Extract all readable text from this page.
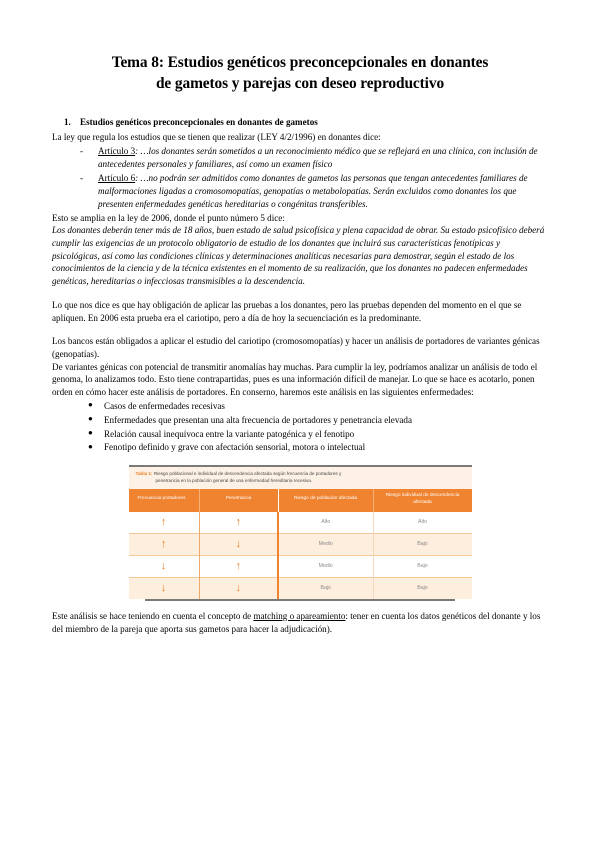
Tema 8: Estudios genéticos preconcepcionales en donantes
de gametos y parejas con deseo reproductivo
1. Estudios genéticos preconcepcionales en donantes de gametos

La ley que regula los estudios que se tienen que realizar (LEY 4/2/1996) en donantes dice:

- Artículo 3: …los donantes serán sometidos a un reconocimiento médico que se reflejará en una clínica, con inclusión de antecedentes personales y familiares, así como un examen físico
- Artículo 6: …no podrán ser admitidos como donantes de gametos las personas que tengan antecedentes familiares de malformaciones ligadas a cromosomopatías, genopatías o metabolopatías. Serán excluidos como donantes los que presenten enfermedades genéticas hereditarias o congénitas transferibles.

Esto se amplia en la ley de 2006, donde el punto número 5 dice:

Los donantes deberán tener más de 18 años, buen estado de salud psicofísica y plena capacidad de obrar. Su estado psicofísico deberá cumplir las exigencias de un protocolo obligatorio de estudio de los donantes que incluirá sus características fenotípicas y psicológicas, así como las condiciones clínicas y determinaciones analíticas necesarias para demostrar, según el estado de los conocimientos de la ciencia y de la técnica existentes en el momento de su realización, que los donantes no padecen enfermedades genéticas, hereditarias o infecciosas transmisibles a la descendencia.

Lo que nos dice es que hay obligación de aplicar las pruebas a los donantes, pero las pruebas dependen del momento en el que se apliquen. En 2006 esta prueba era el cariotipo, pero a día de hoy la secuenciación es la predominante.

Los bancos están obligados a aplicar el estudio del cariotipo (cromosomopatías) y hacer un análisis de portadores de variantes génicas (genopatías).

De variantes génicas con potencial de transmitir anomalías hay muchas. Para cumplir la ley, podríamos analizar un análisis de todo el genoma, lo analizamos todo. Esto tiene contrapartidas, pues es una información difícil de manejar. Lo que se hace es acotarlo, ponen orden en cómo hacer este análisis de portadores. En conserno, haremos este análisis en las siguientes enfermedades:

● Casos de enfermedades recesivas
● Enfermedades que presentan una alta frecuencia de portadores y penetrancia elevada
● Relación causal inequívoca entre la variante patogénica y el fenotipo
● Fenotipo definido y grave con afectación sensorial, motora o intelectual
Tabla 1: Riesgo poblacional e individual de descendencia afectada según frecuencia de portadores y
penetrancia en la población general de una enfermedad hereditaria recesiva.
Frecuencia portadores	Penetrancia	Riesgo de población afectada	Riesgo individual de descendencia afectada
↑	↑	Alto	Alto
↑	↓	Medio	Bajo
↓	↑	Medio	Bajo
↓	↓	Bajo	Bajo

Este análisis se hace teniendo en cuenta el concepto de matching o apareamiento: tener en cuenta los datos genéticos del donante y los del miembro de la pareja que aporta sus gametos para hacer la adjudicación).
